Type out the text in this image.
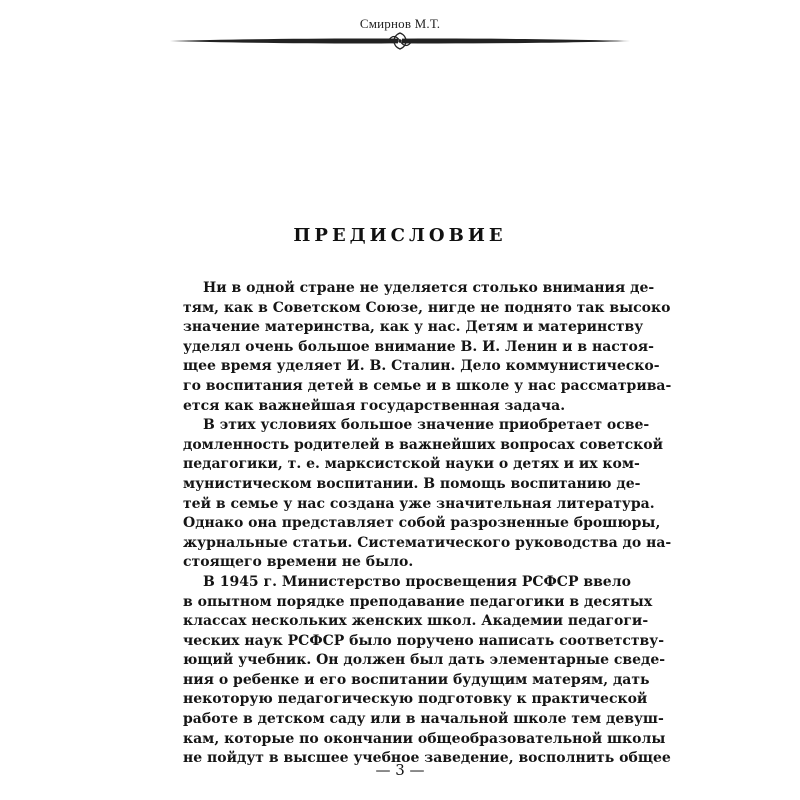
Смирнов М.Т.
ПРЕДИСЛОВИЕ
Ни в одной стране не уделяется столько внимания де-
тям, как в Советском Союзе, нигде не поднято так высоко
значение материнства, как у нас. Детям и материнству
уделял очень большое внимание В. И. Ленин и в настоя-
щее время уделяет И. В. Сталин. Дело коммунистическо-
го воспитания детей в семье и в школе у нас рассматрива-
ется как важнейшая государственная задача.
В этих условиях большое значение приобретает осве-
домленность родителей в важнейших вопросах советской
педагогики, т. е. марксистской науки о детях и их ком-
мунистическом воспитании. В помощь воспитанию де-
тей в семье у нас создана уже значительная литература.
Однако она представляет собой разрозненные брошюры,
журнальные статьи. Систематического руководства до на-
стоящего времени не было.
В 1945 г. Министерство просвещения РСФСР ввело
в опытном порядке преподавание педагогики в десятых
классах нескольких женских школ. Академии педагоги-
ческих наук РСФСР было поручено написать соответству-
ющий учебник. Он должен был дать элементарные сведе-
ния о ребенке и его воспитании будущим матерям, дать
некоторую педагогическую подготовку к практической
работе в детском саду или в начальной школе тем девуш-
кам, которые по окончании общеобразовательной школы
не пойдут в высшее учебное заведение, восполнить общее
— 3 —
